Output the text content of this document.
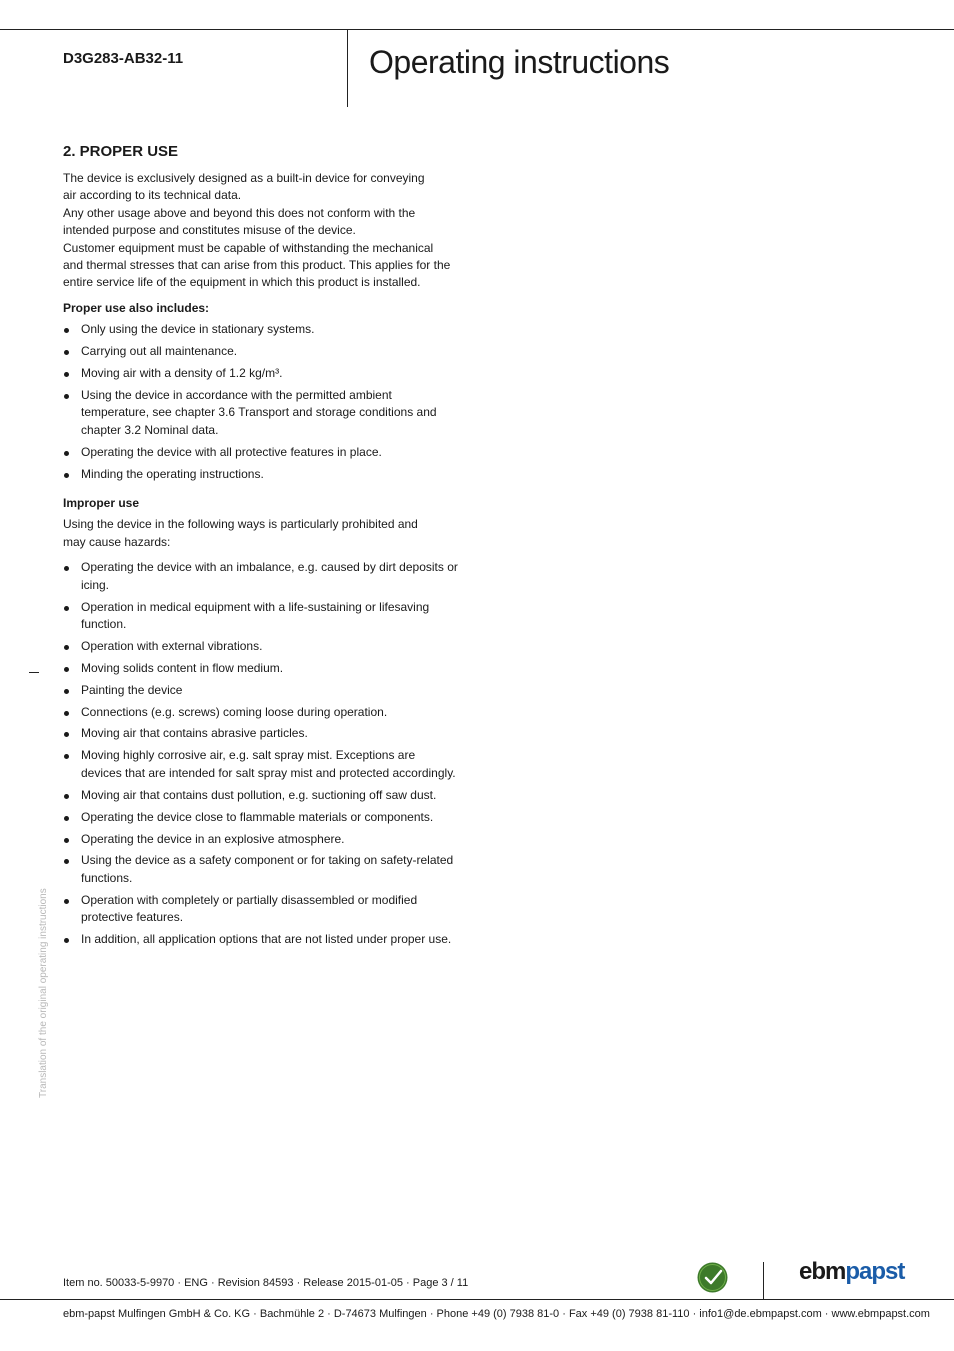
D3G283-AB32-11	Operating instructions
2. PROPER USE
The device is exclusively designed as a built-in device for conveying
air according to its technical data.
Any other usage above and beyond this does not conform with the
intended purpose and constitutes misuse of the device.
Customer equipment must be capable of withstanding the mechanical
and thermal stresses that can arise from this product. This applies for the
entire service life of the equipment in which this product is installed.
Proper use also includes:
Only using the device in stationary systems.
Carrying out all maintenance.
Moving air with a density of 1.2 kg/m³.
Using the device in accordance with the permitted ambient temperature, see chapter 3.6 Transport and storage conditions and chapter 3.2 Nominal data.
Operating the device with all protective features in place.
Minding the operating instructions.
Improper use
Using the device in the following ways is particularly prohibited and
may cause hazards:
Operating the device with an imbalance, e.g. caused by dirt deposits or icing.
Operation in medical equipment with a life-sustaining or lifesaving function.
Operation with external vibrations.
Moving solids content in flow medium.
Painting the device
Connections (e.g. screws) coming loose during operation.
Moving air that contains abrasive particles.
Moving highly corrosive air, e.g. salt spray mist. Exceptions are devices that are intended for salt spray mist and protected accordingly.
Moving air that contains dust pollution, e.g. suctioning off saw dust.
Operating the device close to flammable materials or components.
Operating the device in an explosive atmosphere.
Using the device as a safety component or for taking on safety-related functions.
Operation with completely or partially disassembled or modified protective features.
In addition, all application options that are not listed under proper use.
Translation of the original operating instructions
Item no. 50033-5-9970 · ENG · Revision 84593 · Release 2015-01-05 · Page 3 / 11	ebmpapst
ebm-papst Mulfingen GmbH & Co. KG · Bachmühle 2 · D-74673 Mulfingen · Phone +49 (0) 7938 81-0 · Fax +49 (0) 7938 81-110 · info1@de.ebmpapst.com · www.ebmpapst.com
